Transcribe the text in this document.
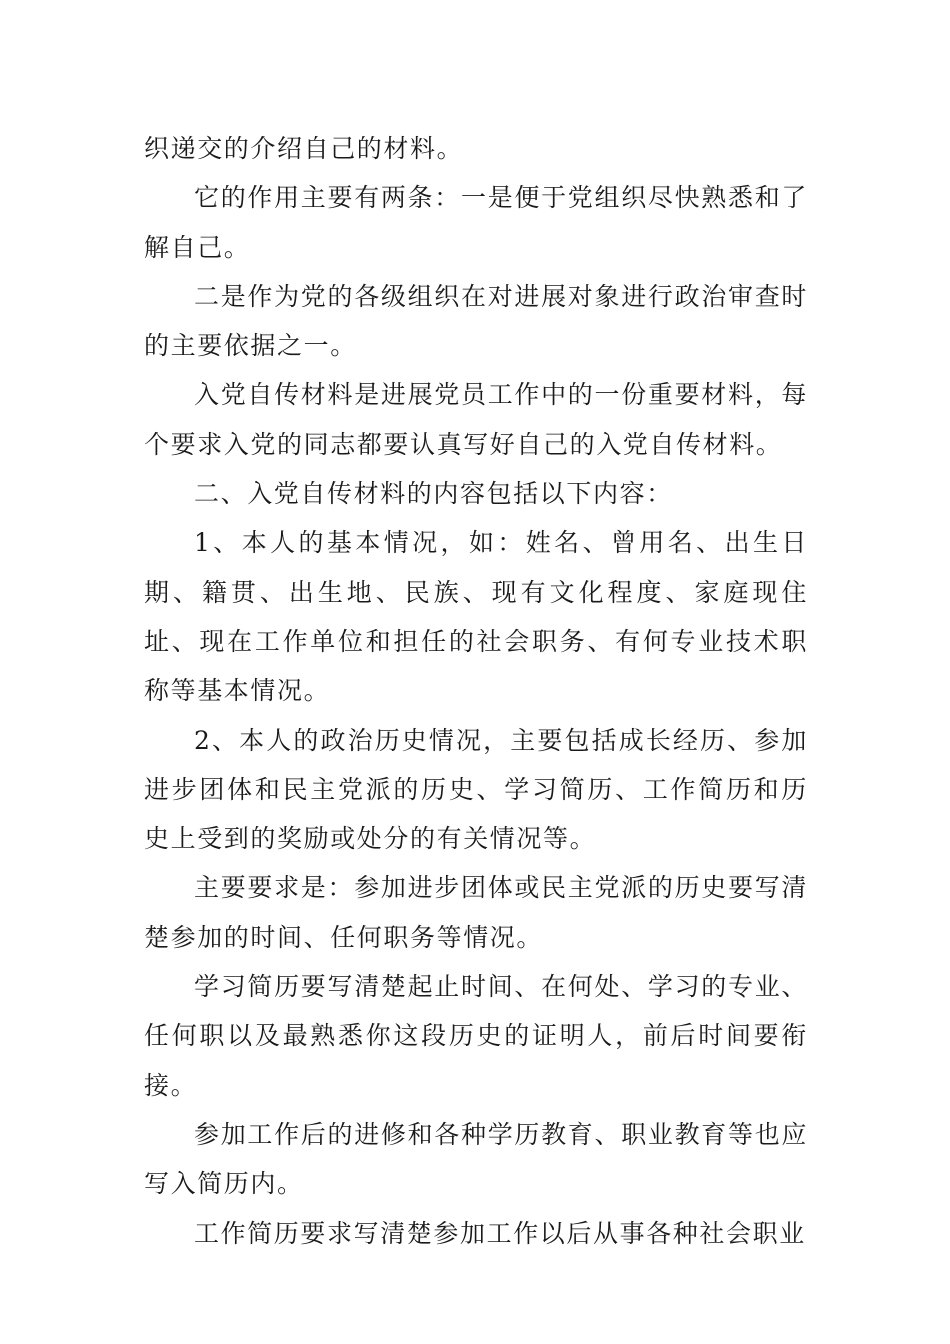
织递交的介绍自己的材料。

它的作用主要有两条：一是便于党组织尽快熟悉和了解自己。

二是作为党的各级组织在对进展对象进行政治审查时的主要依据之一。

入党自传材料是进展党员工作中的一份重要材料，每个要求入党的同志都要认真写好自己的入党自传材料。

二、入党自传材料的内容包括以下内容：

1、本人的基本情况，如：姓名、曾用名、出生日期、籍贯、出生地、民族、现有文化程度、家庭现住址、现在工作单位和担任的社会职务、有何专业技术职称等基本情况。

2、本人的政治历史情况，主要包括成长经历、参加进步团体和民主党派的历史、学习简历、工作简历和历史上受到的奖励或处分的有关情况等。

主要要求是：参加进步团体或民主党派的历史要写清楚参加的时间、任何职务等情况。

学习简历要写清楚起止时间、在何处、学习的专业、任何职以及最熟悉你这段历史的证明人，前后时间要衔接。

参加工作后的进修和各种学历教育、职业教育等也应写入简历内。

工作简历要求写清楚参加工作以后从事各种社会职业
